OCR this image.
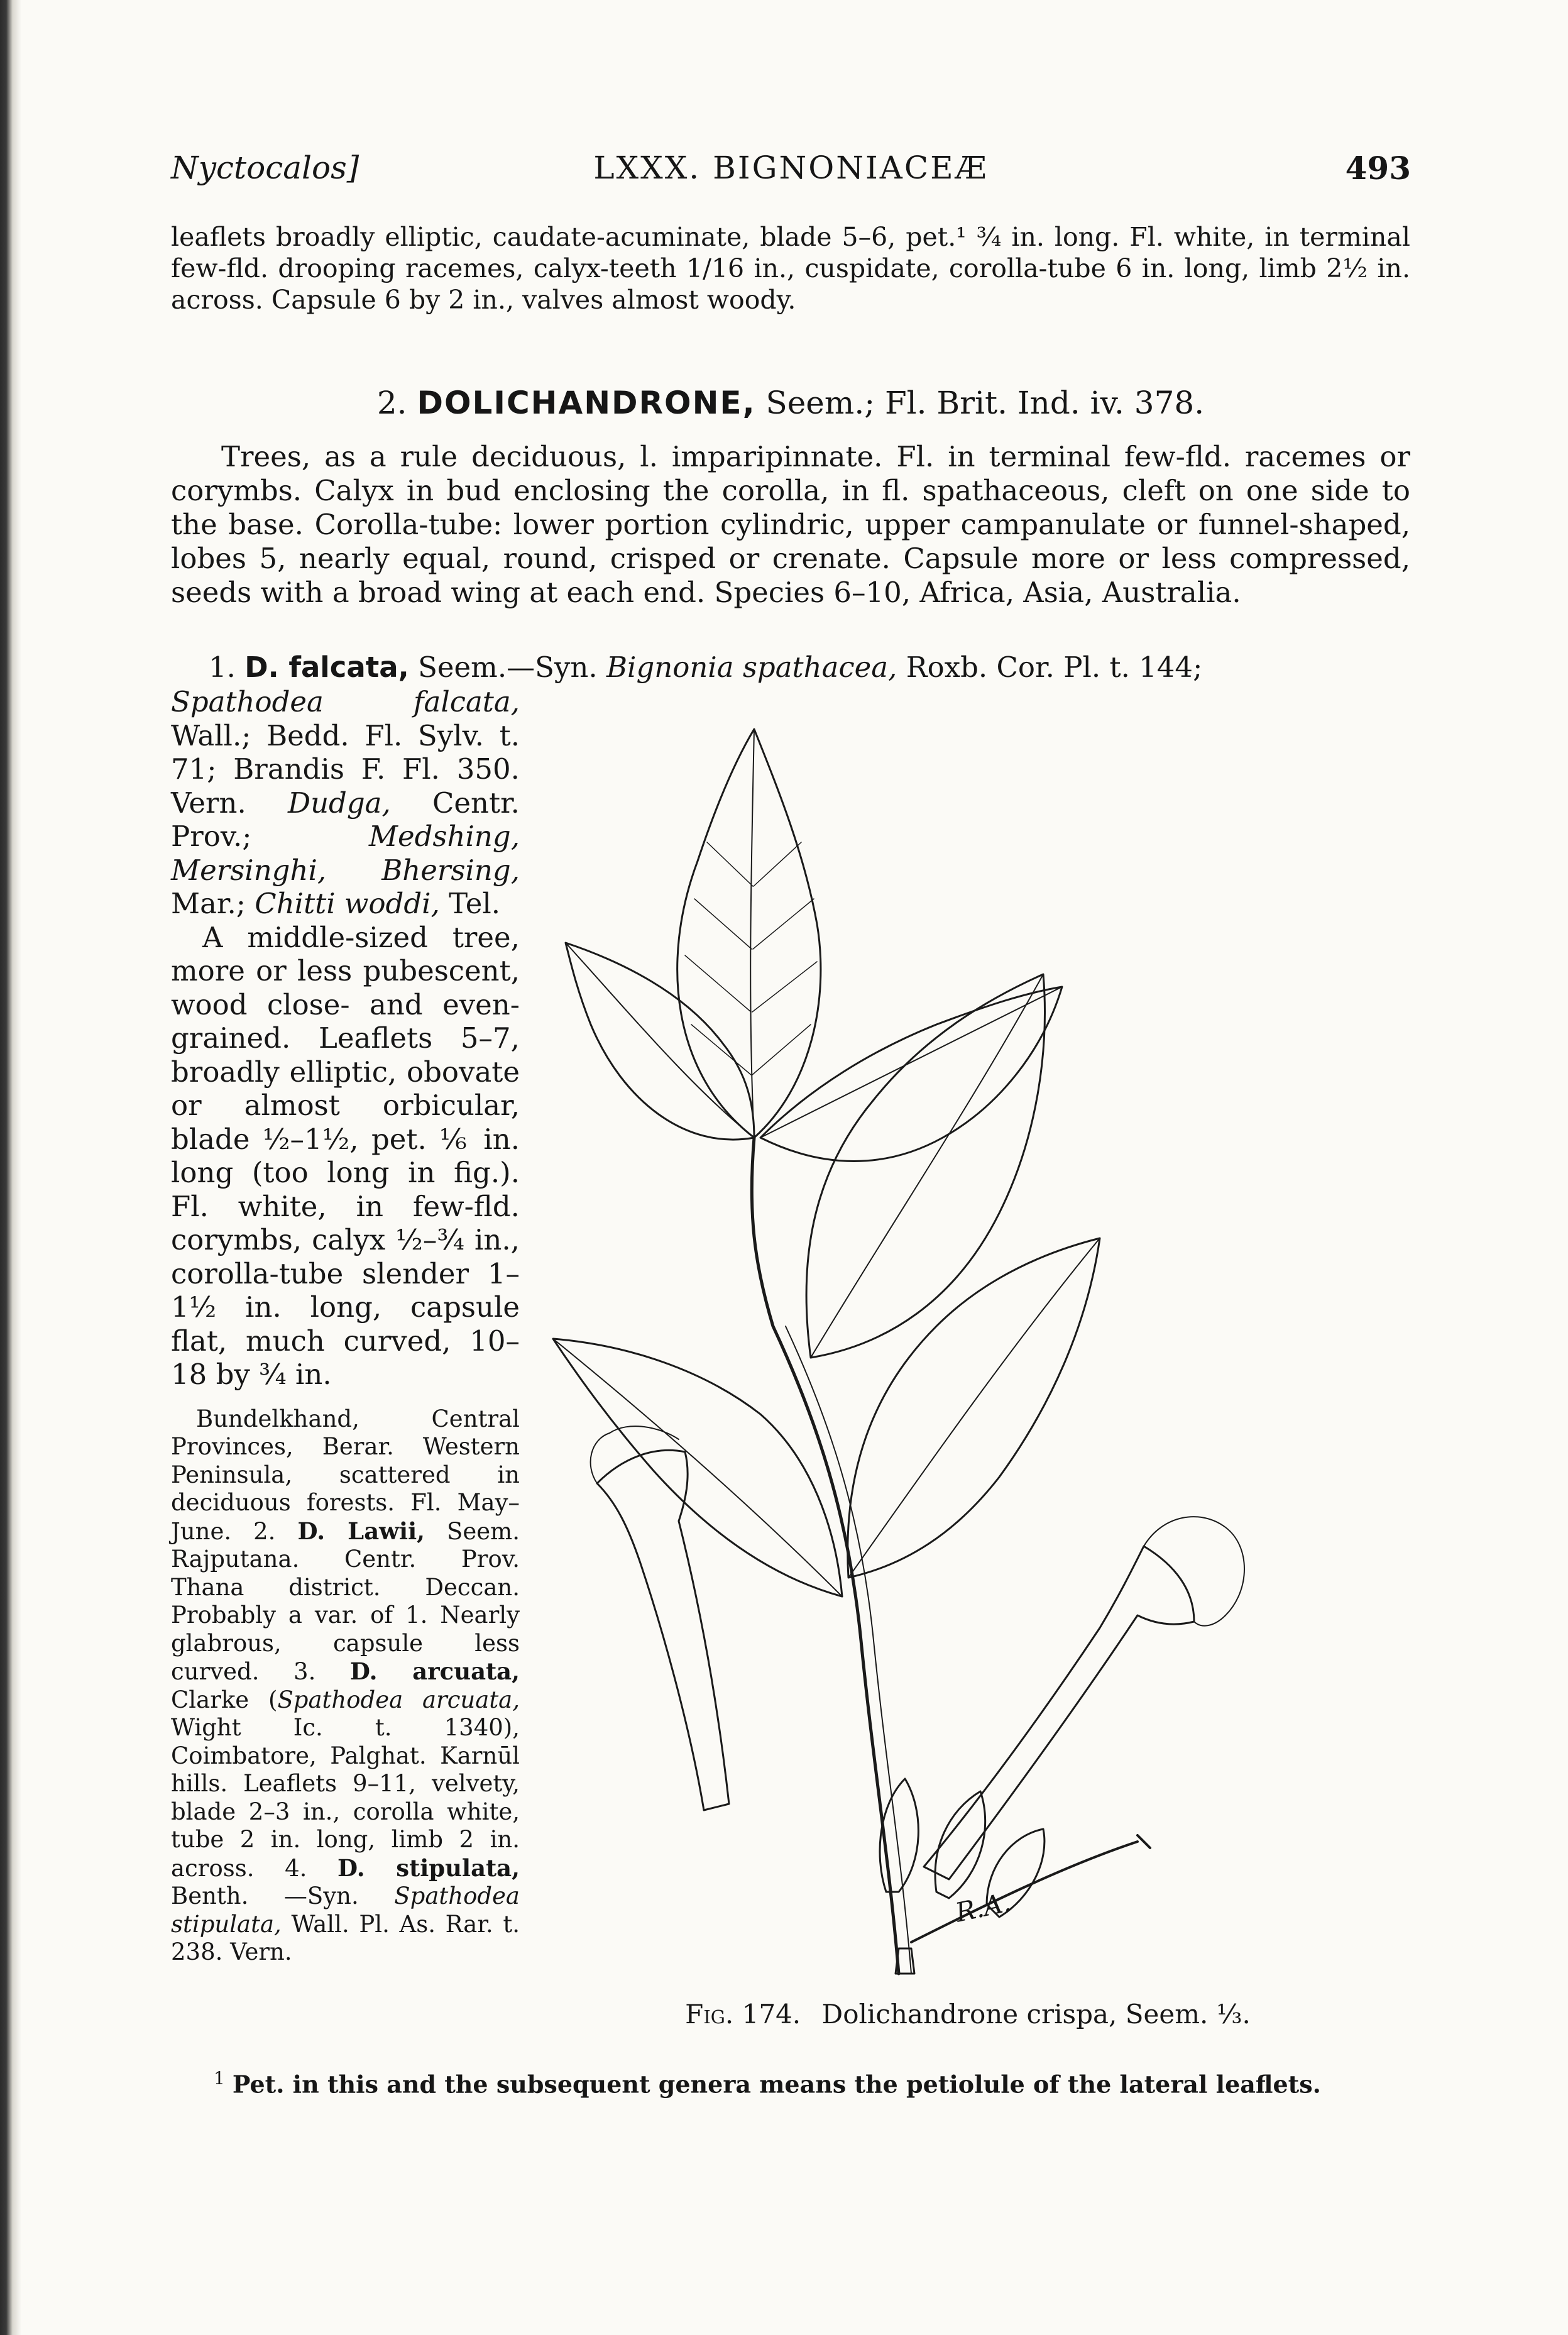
Nyctocalos]	LXXX. BIGNONIACEÆ	493
leaflets broadly elliptic, caudate-acuminate, blade 5–6, pet.¹ ¾ in. long. Fl. white, in terminal few-fld. drooping racemes, calyx-teeth 1/16 in., cuspidate, corolla-tube 6 in. long, limb 2½ in. across. Capsule 6 by 2 in., valves almost woody.
2. DOLICHANDRONE, Seem.; Fl. Brit. Ind. iv. 378.
Trees, as a rule deciduous, l. imparipinnate. Fl. in terminal few-fld. racemes or corymbs. Calyx in bud enclosing the corolla, in fl. spathaceous, cleft on one side to the base. Corolla-tube: lower portion cylindric, upper campanulate or funnel-shaped, lobes 5, nearly equal, round, crisped or crenate. Capsule more or less compressed, seeds with a broad wing at each end. Species 6–10, Africa, Asia, Australia.
1. D. falcata, Seem.—Syn. Bignonia spathacea, Roxb. Cor. Pl. t. 144;

Spathodea falcata, Wall.; Bedd. Fl. Sylv. t. 71; Brandis F. Fl. 350. Vern. Dudga, Centr. Prov.;	Medshing, Mersinghi, Bhersing, Mar.; Chitti woddi, Tel.

A middle-sized tree, more or less pubescent, wood close- and even-grained. Leaflets 5–7, broadly elliptic, obovate or almost orbicular, blade ½–1½, pet. ⅙ in. long (too long in fig.). Fl. white, in few-fld. corymbs, calyx ½–¾ in., corolla-tube slender 1–1½ in. long, capsule flat, much curved, 10–18 by ¾ in.

Bundelkhand, Central Provinces, Berar. Western Peninsula, scattered in deciduous forests. Fl. May–June. 2. D. Lawii, Seem. Rajputana. Centr. Prov. Thana district. Deccan. Probably a var. of 1. Nearly glabrous, capsule less curved. 3. D. arcuata, Clarke (Spathodea arcuata, Wight Ic. t. 1340), Coimbatore, Palghat. Karnūl hills. Leaflets 9–11, velvety, blade 2–3 in., corolla white, tube 2 in. long, limb 2 in. across. 4. D. stipulata, Benth. —Syn. Spathodea stipulata, Wall. Pl. As. Rar. t. 238. Vern.

R.A.
Fig. 174. Dolichandrone crispa, Seem. ⅓.
$^1$ Pet. in this and the subsequent genera means the petiolule of the lateral leaflets.
